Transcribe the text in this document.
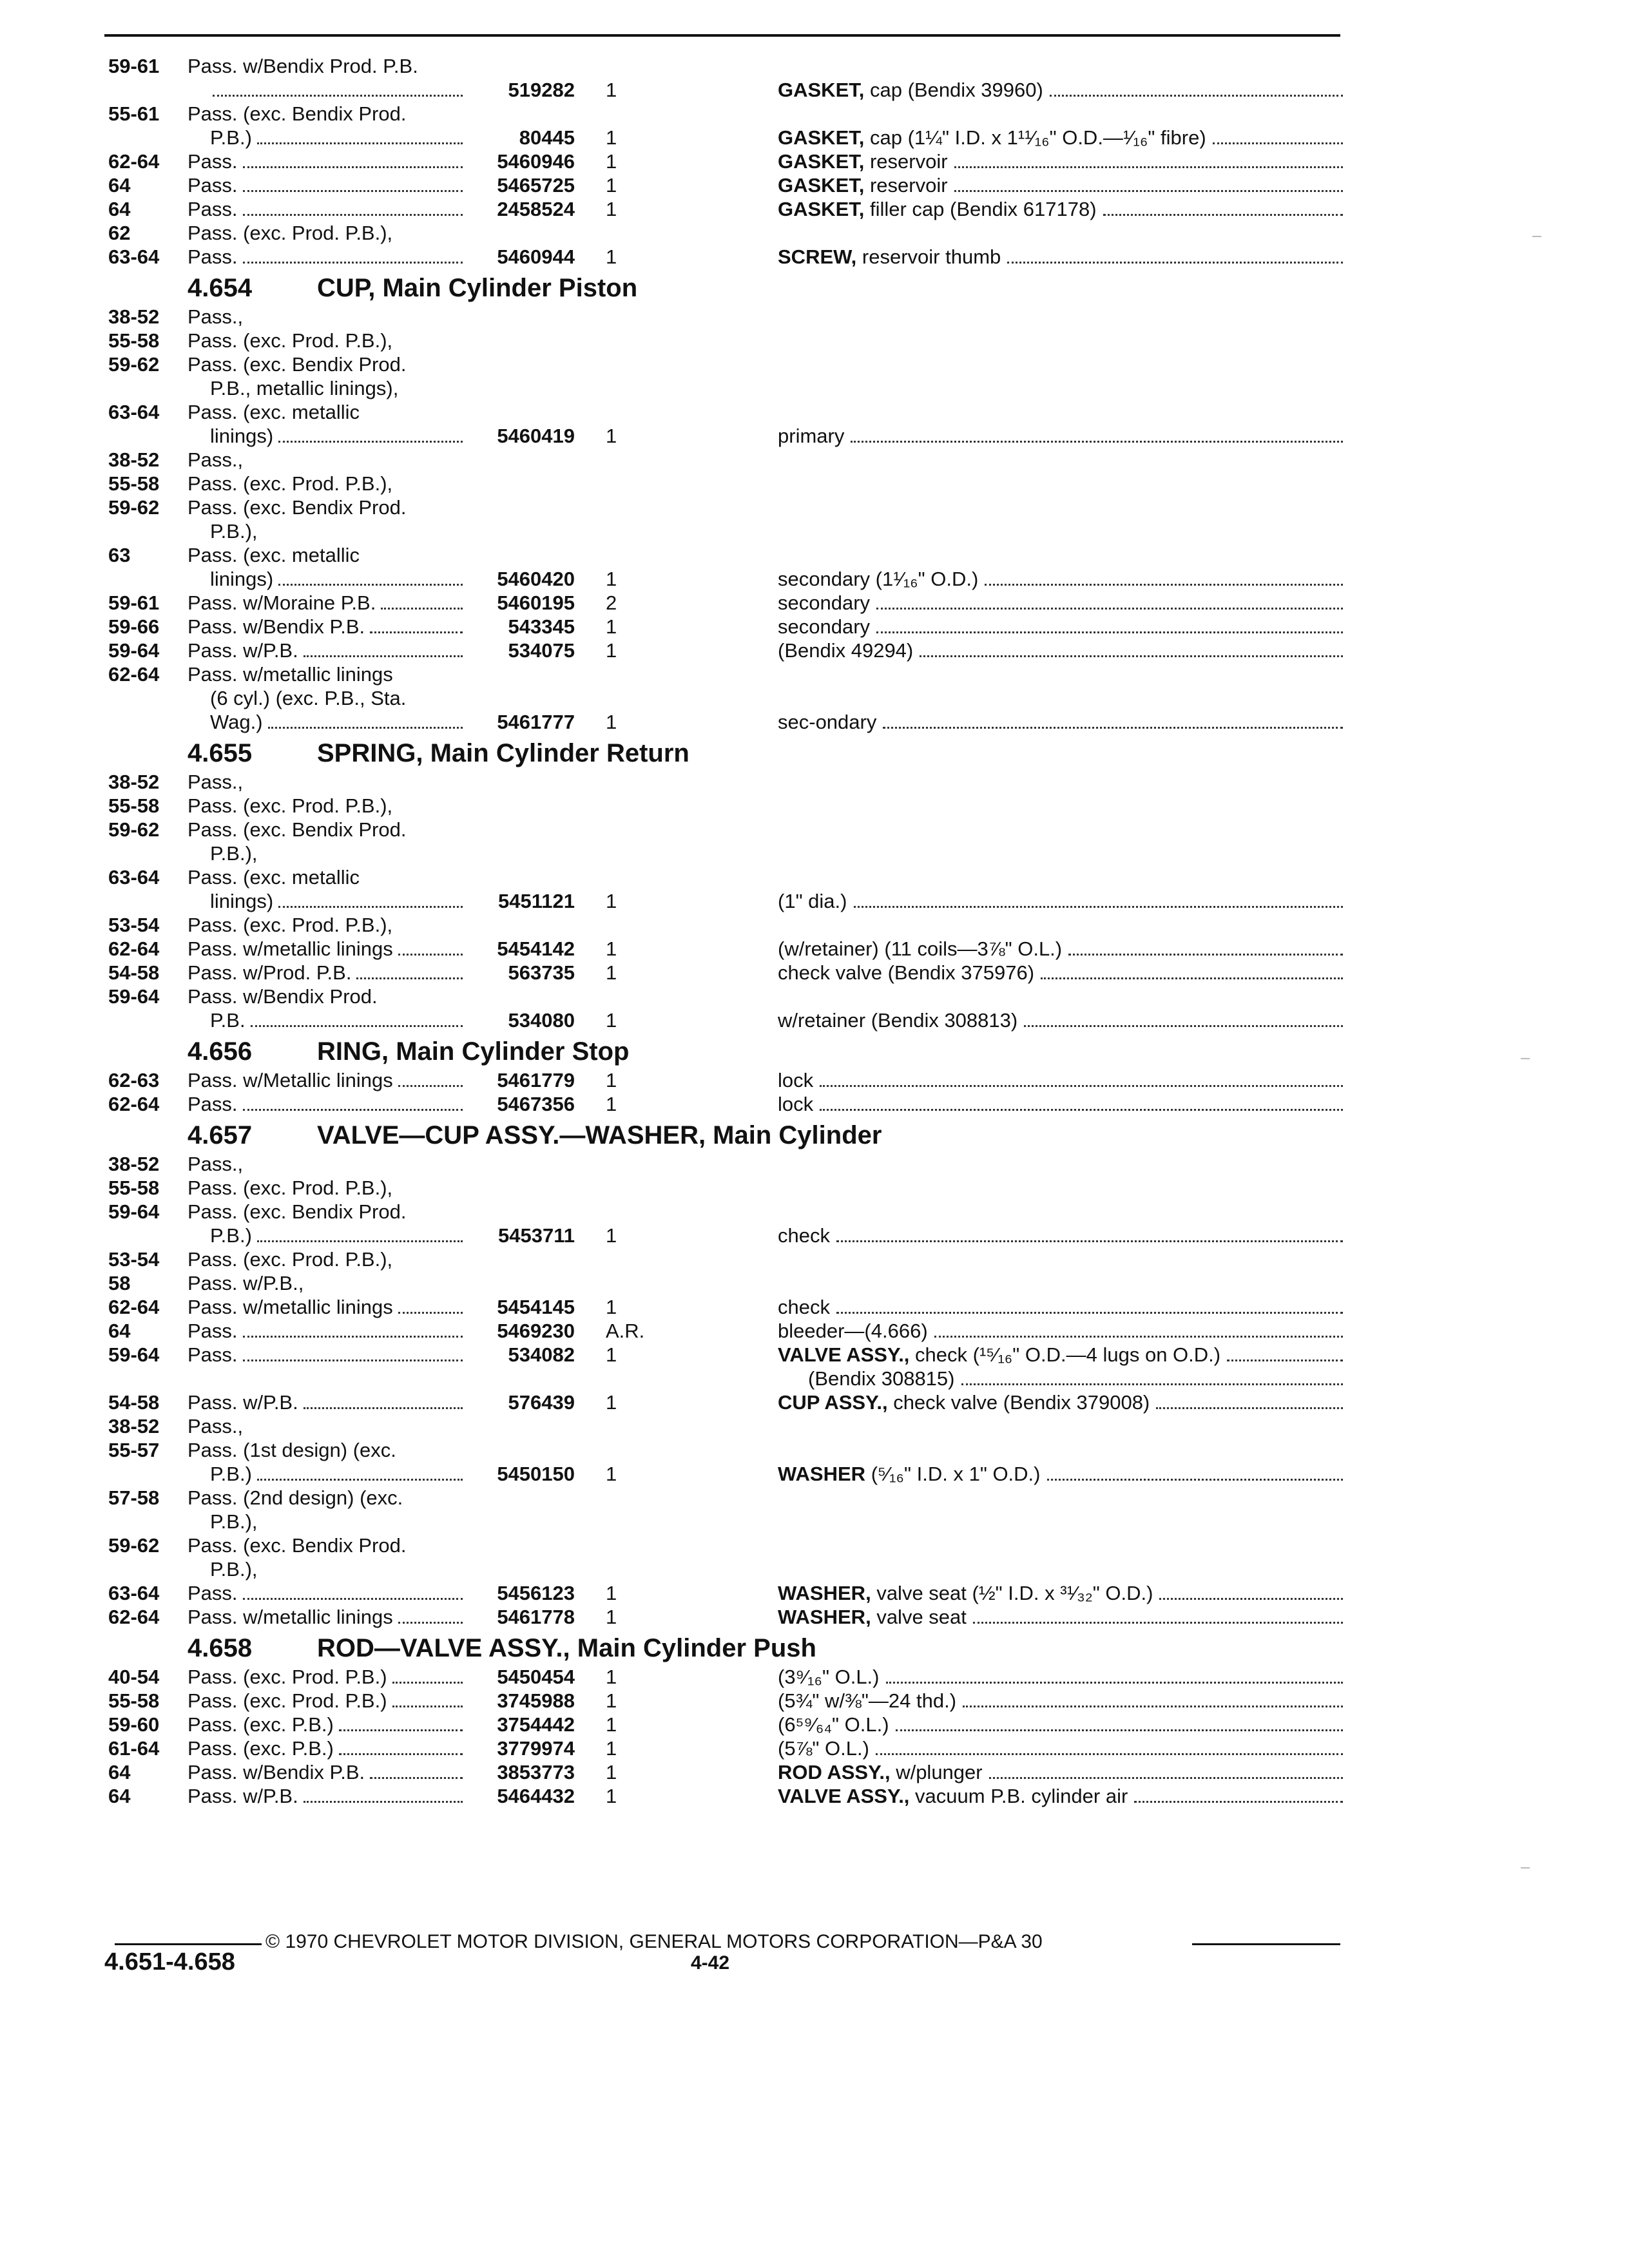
59-61	Pass. w/Bendix Prod. P.B.
519282 1	GASKET, cap (Bendix 39960)
55-61	Pass. (exc. Bendix Prod.
P.B.)	80445 1	GASKET, cap (1¼" I.D. x 1¹¹⁄₁₆" O.D.—¹⁄₁₆" fibre)
62-64	Pass.	5460946 1	GASKET, reservoir
64	Pass.	5465725 1	GASKET, reservoir
64	Pass.	2458524 1	GASKET, filler cap (Bendix 617178)
62	Pass. (exc. Prod. P.B.),
63-64	Pass.	5460944 1	SCREW, reservoir thumb
4.654	CUP, Main Cylinder Piston
38-52	Pass.,
55-58	Pass. (exc. Prod. P.B.),
59-62	Pass. (exc. Bendix Prod.
P.B., metallic linings),
63-64	Pass. (exc. metallic
linings)	5460419 1	primary
38-52	Pass.,
55-58	Pass. (exc. Prod. P.B.),
59-62	Pass. (exc. Bendix Prod.
P.B.),
63	Pass. (exc. metallic
linings)	5460420 1	secondary (1¹⁄₁₆" O.D.)
59-61	Pass. w/Moraine P.B.	5460195 2	secondary
59-66	Pass. w/Bendix P.B.	543345 1	secondary
59-64	Pass. w/P.B.	534075 1	(Bendix 49294)
62-64	Pass. w/metallic linings
(6 cyl.) (exc. P.B., Sta.
Wag.)	5461777 1	sec-ondary
4.655	SPRING, Main Cylinder Return
38-52	Pass.,
55-58	Pass. (exc. Prod. P.B.),
59-62	Pass. (exc. Bendix Prod.
P.B.),
63-64	Pass. (exc. metallic
linings)	5451121 1	(1" dia.)
53-54	Pass. (exc. Prod. P.B.),
62-64	Pass. w/metallic linings	5454142 1	(w/retainer) (11 coils—3⅞" O.L.)
54-58	Pass. w/Prod. P.B.	563735 1	check valve (Bendix 375976)
59-64	Pass. w/Bendix Prod.
P.B.	534080 1	w/retainer (Bendix 308813)
4.656	RING, Main Cylinder Stop
62-63	Pass. w/Metallic linings	5461779 1	lock
62-64	Pass.	5467356 1	lock
4.657	VALVE—CUP ASSY.—WASHER, Main Cylinder
38-52	Pass.,
55-58	Pass. (exc. Prod. P.B.),
59-64	Pass. (exc. Bendix Prod.
P.B.)	5453711 1	check
53-54	Pass. (exc. Prod. P.B.),
58	Pass. w/P.B.,
62-64	Pass. w/metallic linings	5454145 1	check
64	Pass.	5469230 A.R.	bleeder—(4.666)
59-64	Pass.	534082 1	VALVE ASSY., check (¹⁵⁄₁₆" O.D.—4 lugs on O.D.)
(Bendix 308815)
54-58	Pass. w/P.B.	576439 1	CUP ASSY., check valve (Bendix 379008)
38-52	Pass.,
55-57	Pass. (1st design) (exc.
P.B.)	5450150 1	WASHER (⁵⁄₁₆" I.D. x 1" O.D.)
57-58	Pass. (2nd design) (exc.
P.B.),
59-62	Pass. (exc. Bendix Prod.
P.B.),
63-64	Pass.	5456123 1	WASHER, valve seat (½" I.D. x ³¹⁄₃₂" O.D.)
62-64	Pass. w/metallic linings	5461778 1	WASHER, valve seat
4.658	ROD—VALVE ASSY., Main Cylinder Push
40-54	Pass. (exc. Prod. P.B.)	5450454 1	(3⁹⁄₁₆" O.L.)
55-58	Pass. (exc. Prod. P.B.)	3745988 1	(5¾" w/⅜"—24 thd.)
59-60	Pass. (exc. P.B.)	3754442 1	(6⁵⁹⁄₆₄" O.L.)
61-64	Pass. (exc. P.B.)	3779974 1	(5⅞" O.L.)
64	Pass. w/Bendix P.B.	3853773 1	ROD ASSY., w/plunger
64	Pass. w/P.B.	5464432 1	VALVE ASSY., vacuum P.B. cylinder air
© 1970 CHEVROLET MOTOR DIVISION, GENERAL MOTORS CORPORATION—P&A 30
4.651-4.658	4-42
